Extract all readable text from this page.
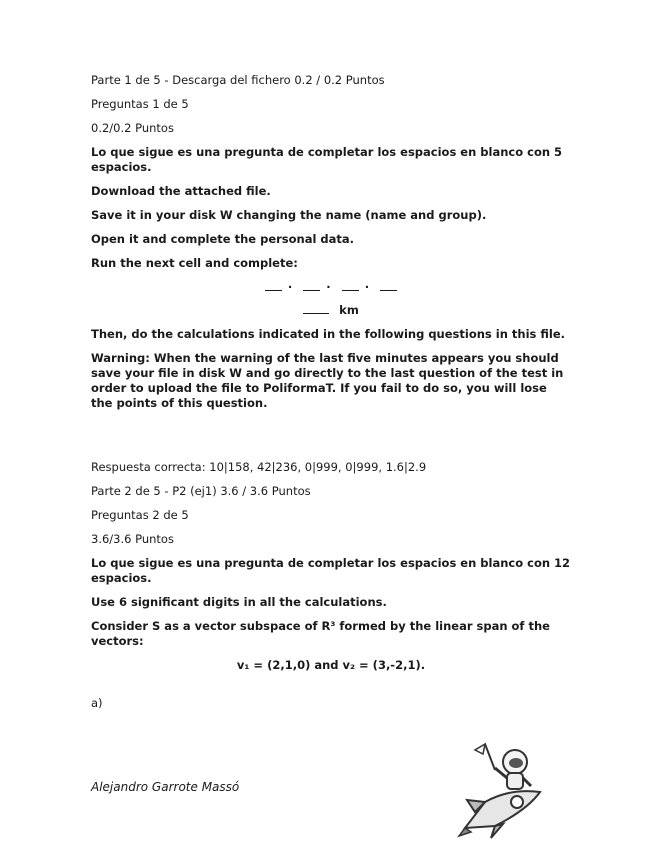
Parte 1 de 5 - Descarga del fichero 0.2 / 0.2 Puntos

Preguntas 1 de 5

0.2/0.2 Puntos

Lo que sigue es una pregunta de completar los espacios en blanco con 5 espacios.

Download the attached file.

Save it in your disk W changing the name (name and group).

Open it and complete the personal data.

Run the next cell and complete:

·	·	·
km

Then, do the calculations indicated in the following questions in this file.

Warning: When the warning of the last five minutes appears you should save your file in disk W and go directly to the last question of the test in order to upload the file to PoliformaT. If you fail to do so, you will lose the points of this question.

Respuesta correcta: 10|158, 42|236, 0|999, 0|999, 1.6|2.9

Parte 2 de 5 - P2 (ej1) 3.6 / 3.6 Puntos

Preguntas 2 de 5

3.6/3.6 Puntos

Lo que sigue es una pregunta de completar los espacios en blanco con 12 espacios.

Use 6 significant digits in all the calculations.

Consider S as a vector subspace of R³ formed by the linear span of the vectors:

v₁ = (2,1,0) and v₂ = (3,-2,1).

a)

Alejandro Garrote Massó
